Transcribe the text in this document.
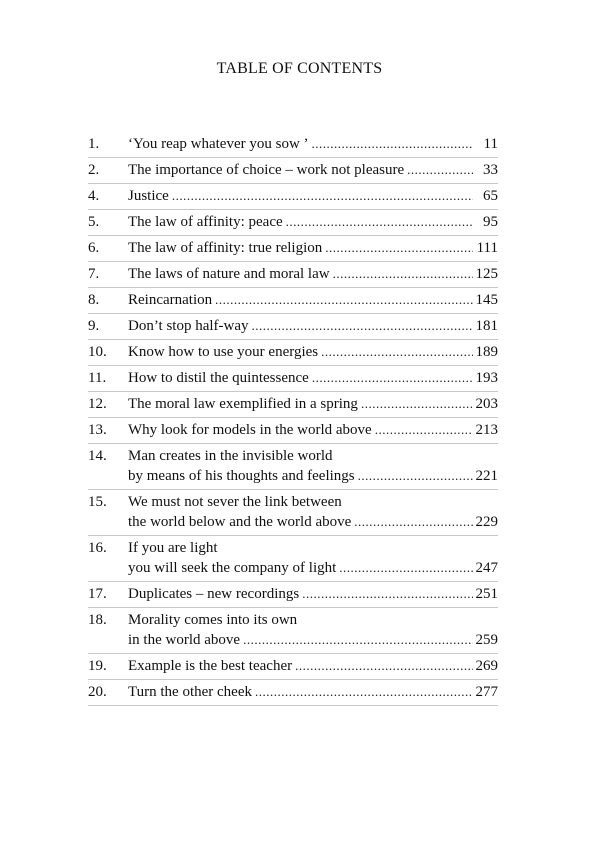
TABLE OF CONTENTS
1.	‘You reap whatever you sow ’ .....	11
2.	The importance of choice – work not pleasure .....	33
4.	Justice .....	65
5.	The law of affinity: peace .....	95
6.	The law of affinity: true religion .....	111
7.	The laws of nature and moral law .....	125
8.	Reincarnation .....	145
9.	Don’t stop half-way .....	181
10.	Know how to use your energies .....	189
11.	How to distil the quintessence .....	193
12.	The moral law exemplified in a spring .....	203
13.	Why look for models in the world above .....	213
14.	Man creates in the invisible world
by means of his thoughts and feelings .....	221
15.	We must not sever the link between
the world below and the world above .....	229
16.	If you are light
you will seek the company of light .....	247
17.	Duplicates – new recordings .....	251
18.	Morality comes into its own
in the world above .....	259
19.	Example is the best teacher .....	269
20.	Turn the other cheek .....	277
